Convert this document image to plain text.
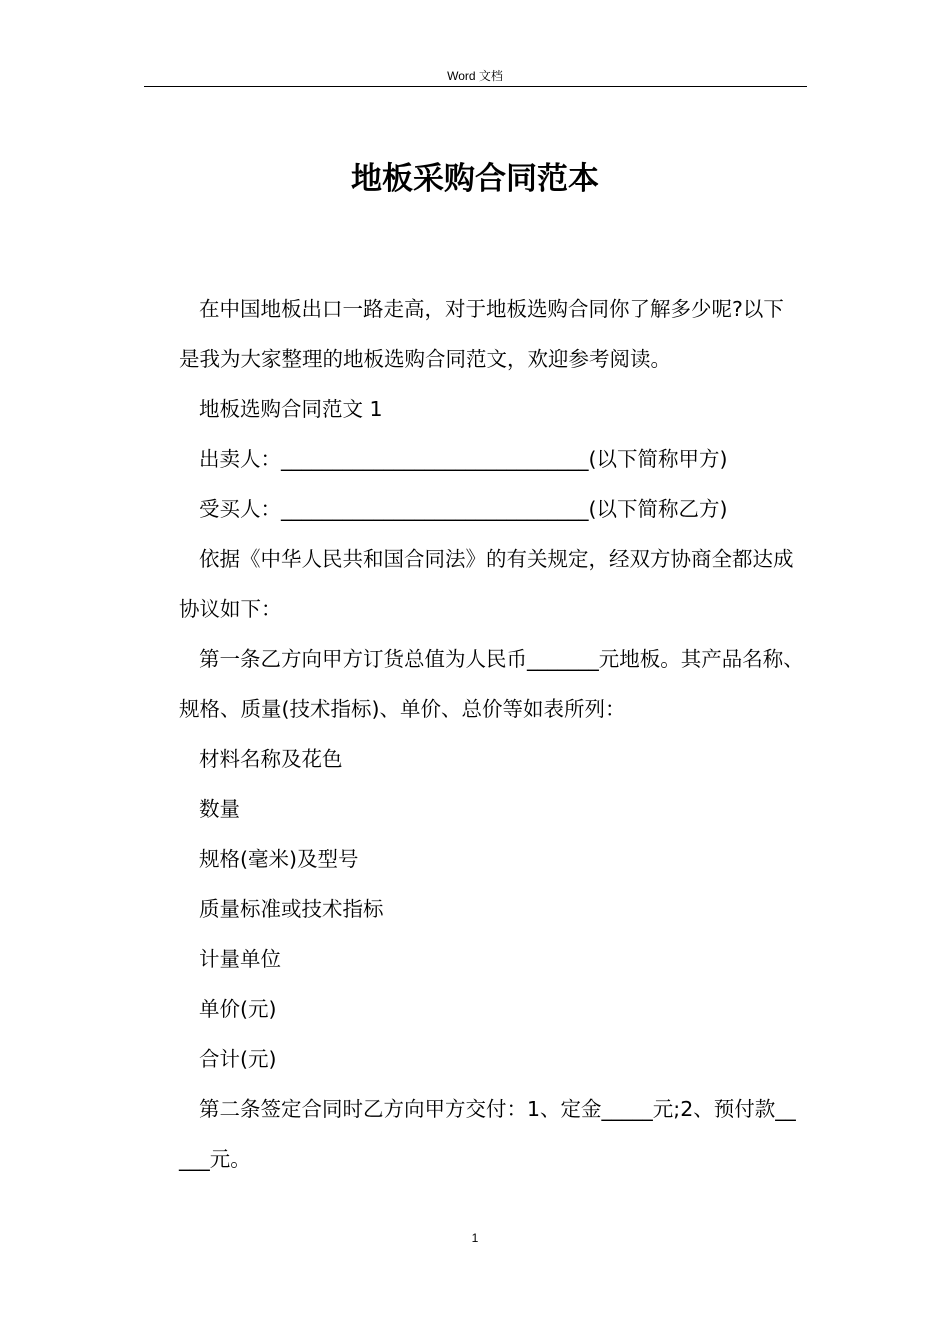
Word 文档
地板采购合同范本

在中国地板出口一路走高，对于地板选购合同你了解多少呢?以下是我为大家整理的地板选购合同范文，欢迎参考阅读。

地板选购合同范文 1

出卖人：______________________________(以下简称甲方)

受买人：______________________________(以下简称乙方)

依据《中华人民共和国合同法》的有关规定，经双方协商全都达成协议如下：

第一条乙方向甲方订货总值为人民币_______元地板。其产品名称、规格、质量(技术指标)、单价、总价等如表所列：

材料名称及花色

数量

规格(毫米)及型号

质量标准或技术指标

计量单位

单价(元)

合计(元)

第二条签定合同时乙方向甲方交付：1、定金_____元;2、预付款_____元。

1
